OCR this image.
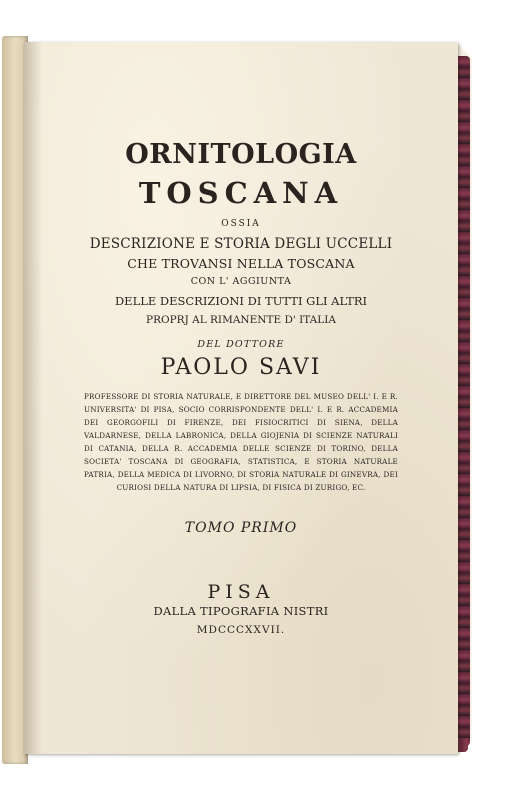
ORNITOLOGIA
TOSCANA

OSSIA

DESCRIZIONE E STORIA DEGLI UCCELLI

CHE TROVANSI NELLA TOSCANA

CON L' AGGIUNTA

DELLE DESCRIZIONI DI TUTTI GLI ALTRI

PROPRJ AL RIMANENTE D' ITALIA

DEL DOTTORE

PAOLO SAVI

PROFESSORE DI STORIA NATURALE, E DIRETTORE DEL MUSEO DELL' I. E R. UNIVERSITA' DI PISA, SOCIO CORRISPONDENTE DELL' I. E R. ACCADEMIA DEI GEORGOFILI DI FIRENZE, DEI FISIOCRITICI DI SIENA, DELLA VALDARNESE, DELLA LABRONICA, DELLA GIOJENIA DI SCIENZE NATURALI DI CATANIA, DELLA R. ACCADEMIA DELLE SCIENZE DI TORINO, DELLA SOCIETA' TOSCANA DI GEOGRAFIA, STATISTICA, E STORIA NATURALE PATRIA, DELLA MEDICA DI LIVORNO, DI STORIA NATURALE DI GINEVRA, DEI CURIOSI DELLA NATURA DI LIPSIA, DI FISICA DI ZURIGO, EC.

TOMO PRIMO

PISA

DALLA TIPOGRAFIA NISTRI

MDCCCXXVII.
